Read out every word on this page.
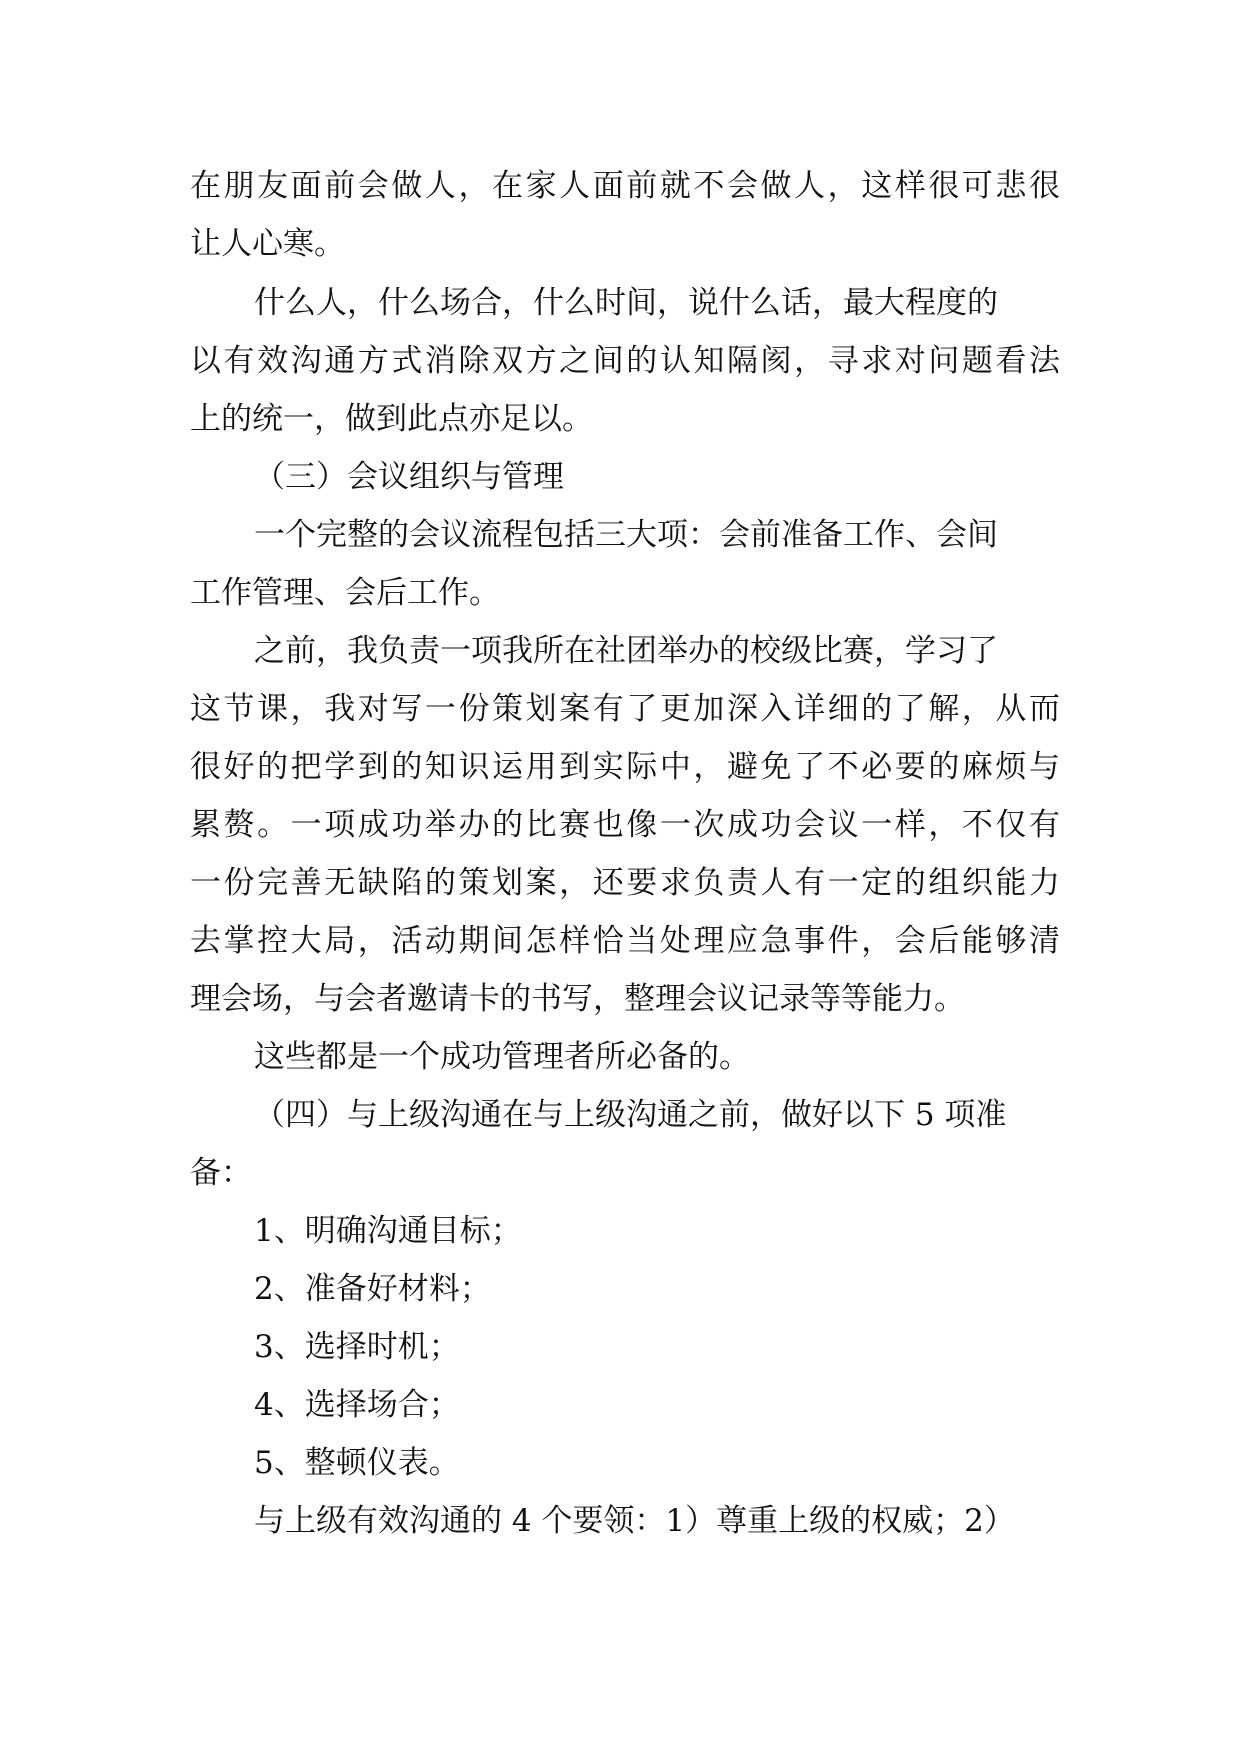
在朋友面前会做人，在家人面前就不会做人，这样很可悲很
让人心寒。
什么人，什么场合，什么时间，说什么话，最大程度的
以有效沟通方式消除双方之间的认知隔阂，寻求对问题看法
上的统一，做到此点亦足以。
（三）会议组织与管理
一个完整的会议流程包括三大项：会前准备工作、会间
工作管理、会后工作。
之前，我负责一项我所在社团举办的校级比赛，学习了
这节课，我对写一份策划案有了更加深入详细的了解，从而
很好的把学到的知识运用到实际中，避免了不必要的麻烦与
累赘。一项成功举办的比赛也像一次成功会议一样，不仅有
一份完善无缺陷的策划案，还要求负责人有一定的组织能力
去掌控大局，活动期间怎样恰当处理应急事件，会后能够清
理会场，与会者邀请卡的书写，整理会议记录等等能力。
这些都是一个成功管理者所必备的。
（四）与上级沟通在与上级沟通之前，做好以下 5 项准
备：
1、明确沟通目标；
2、准备好材料；
3、选择时机；
4、选择场合；
5、整顿仪表。
与上级有效沟通的 4 个要领：1）尊重上级的权威；2）
